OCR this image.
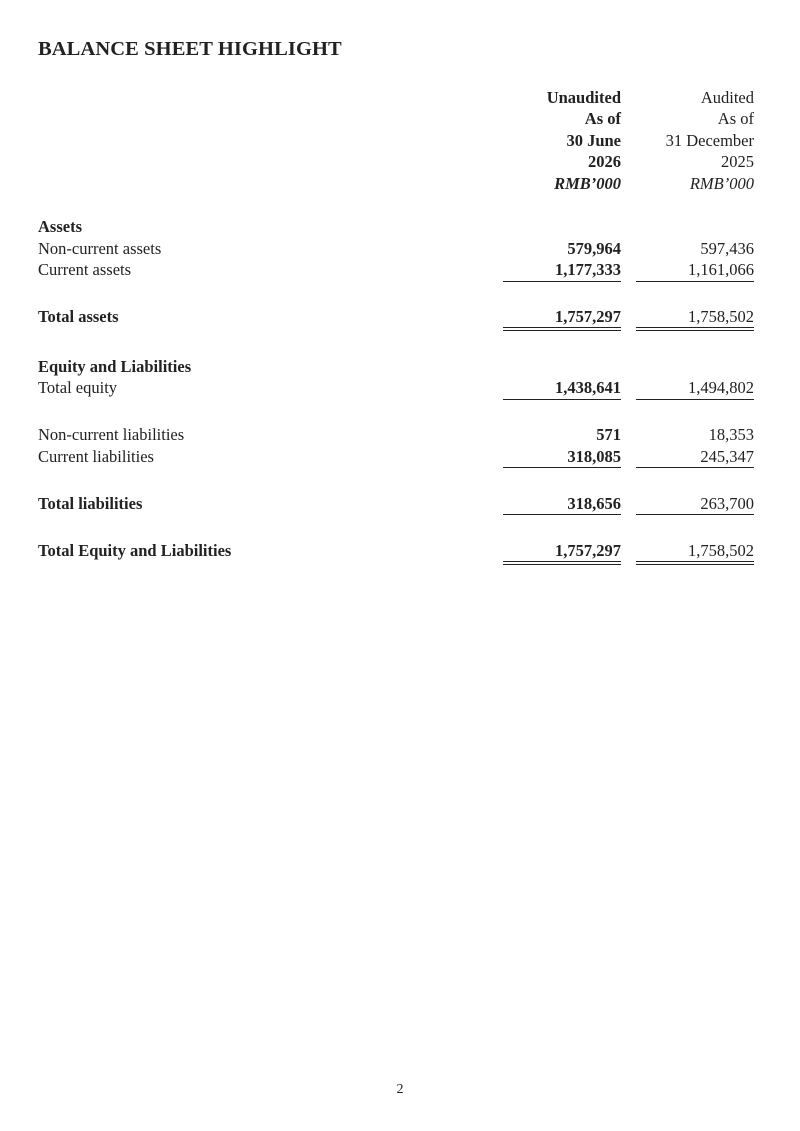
BALANCE SHEET HIGHLIGHT
Unaudited
As of
30 June
2026
RMB’000
Audited
As of
31 December
2025
RMB’000
Assets
Non-current assets	579,964	597,436
Current assets	1,177,333	1,161,066
Total assets	1,757,297	1,758,502
Equity and Liabilities
Total equity	1,438,641	1,494,802
Non-current liabilities	571	18,353
Current liabilities	318,085	245,347
Total liabilities	318,656	263,700
Total Equity and Liabilities	1,757,297	1,758,502
2
